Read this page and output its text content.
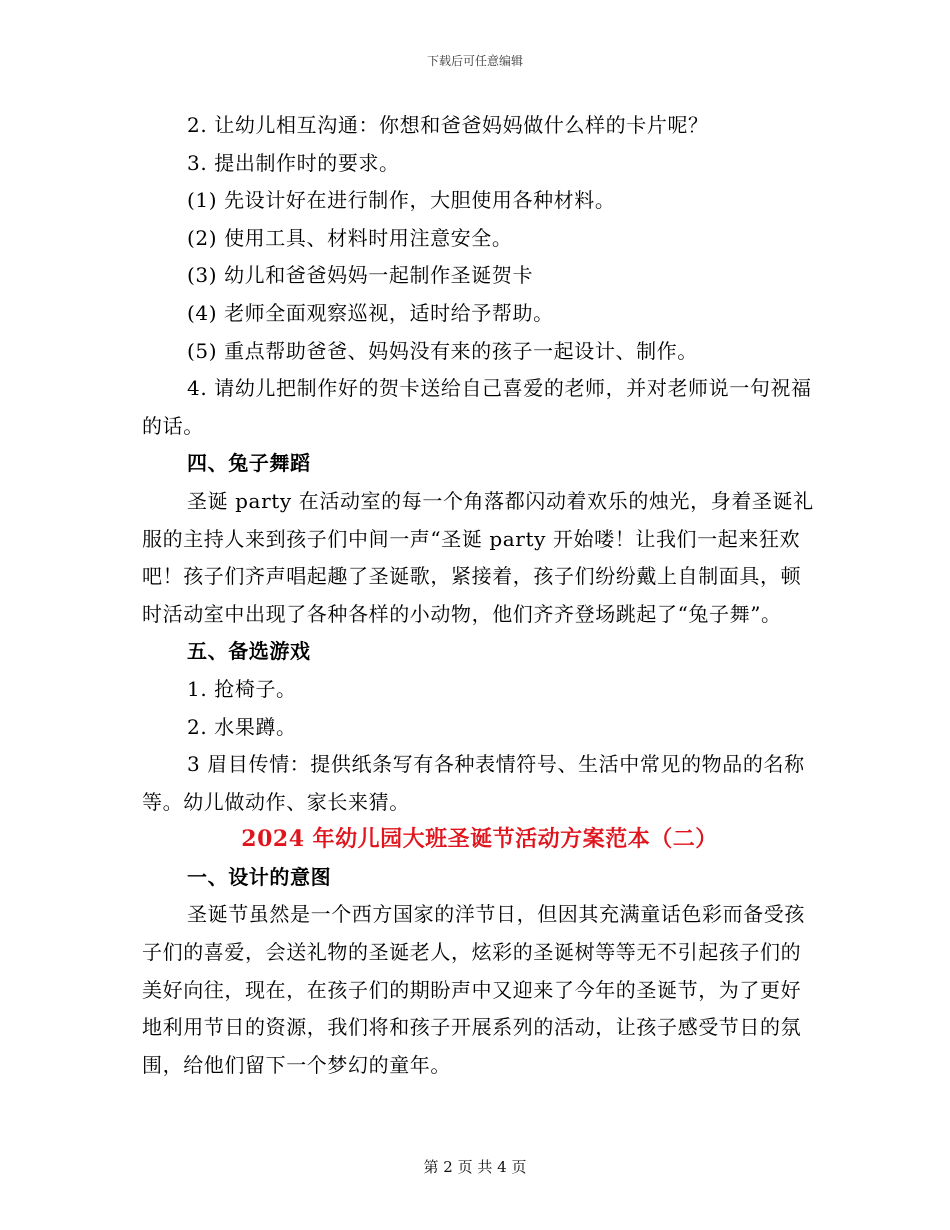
下载后可任意编辑

2. 让幼儿相互沟通：你想和爸爸妈妈做什么样的卡片呢？

3. 提出制作时的要求。

(1) 先设计好在进行制作，大胆使用各种材料。

(2) 使用工具、材料时用注意安全。

(3) 幼儿和爸爸妈妈一起制作圣诞贺卡

(4) 老师全面观察巡视，适时给予帮助。

(5) 重点帮助爸爸、妈妈没有来的孩子一起设计、制作。

4. 请幼儿把制作好的贺卡送给自己喜爱的老师，并对老师说一句祝福的话。

四、兔子舞蹈

圣诞 party 在活动室的每一个角落都闪动着欢乐的烛光，身着圣诞礼服的主持人来到孩子们中间一声“圣诞 party 开始喽！让我们一起来狂欢吧！孩子们齐声唱起趣了圣诞歌，紧接着，孩子们纷纷戴上自制面具，顿时活动室中出现了各种各样的小动物，他们齐齐登场跳起了“兔子舞”。

五、备选游戏

1. 抢椅子。

2. 水果蹲。

3 眉目传情：提供纸条写有各种表情符号、生活中常见的物品的名称等。幼儿做动作、家长来猜。

2024 年幼儿园大班圣诞节活动方案范本（二）

一、设计的意图

圣诞节虽然是一个西方国家的洋节日，但因其充满童话色彩而备受孩子们的喜爱，会送礼物的圣诞老人，炫彩的圣诞树等等无不引起孩子们的美好向往，现在，在孩子们的期盼声中又迎来了今年的圣诞节，为了更好地利用节日的资源，我们将和孩子开展系列的活动，让孩子感受节日的氛围，给他们留下一个梦幻的童年。

第 2 页 共 4 页
